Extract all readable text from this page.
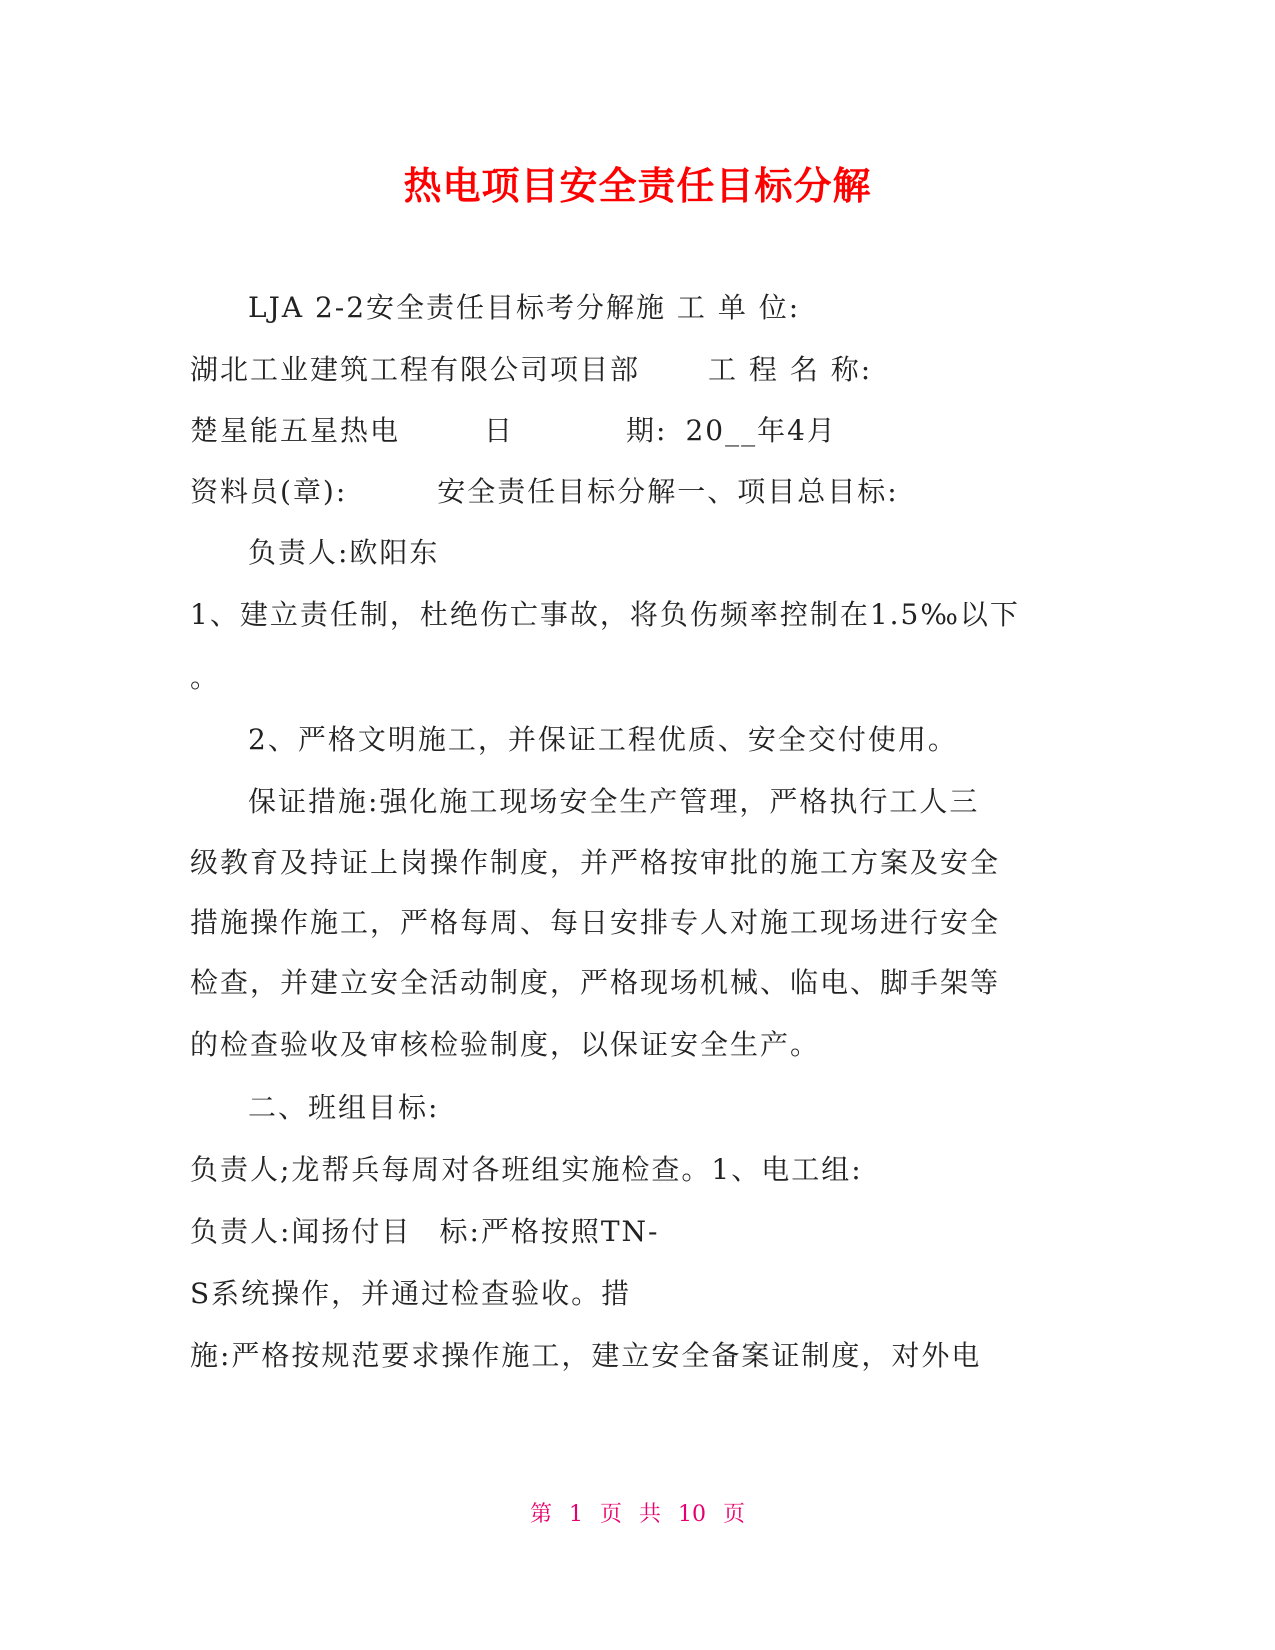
热电项目安全责任目标分解
LJA 2-2安全责任目标考分解施 工 单 位:
湖北工业建筑工程有限公司项目部 工 程 名 称:
楚星能五星热电	日	期: 20__年4月
资料员(章):	安全责任目标分解一、项目总目标:
负责人:欧阳东
1、建立责任制，杜绝伤亡事故，将负伤频率控制在1.5‰以下
。
2、严格文明施工，并保证工程优质、安全交付使用。
保证措施:强化施工现场安全生产管理，严格执行工人三
级教育及持证上岗操作制度，并严格按审批的施工方案及安全
措施操作施工，严格每周、每日安排专人对施工现场进行安全
检查，并建立安全活动制度，严格现场机械、临电、脚手架等
的检查验收及审核检验制度，以保证安全生产。
二、班组目标:
负责人;龙帮兵每周对各班组实施检查。1、电工组:
负责人:闻扬付目 标:严格按照TN-
S系统操作，并通过检查验收。措
施:严格按规范要求操作施工，建立安全备案证制度，对外电
第 1 页 共 10 页
